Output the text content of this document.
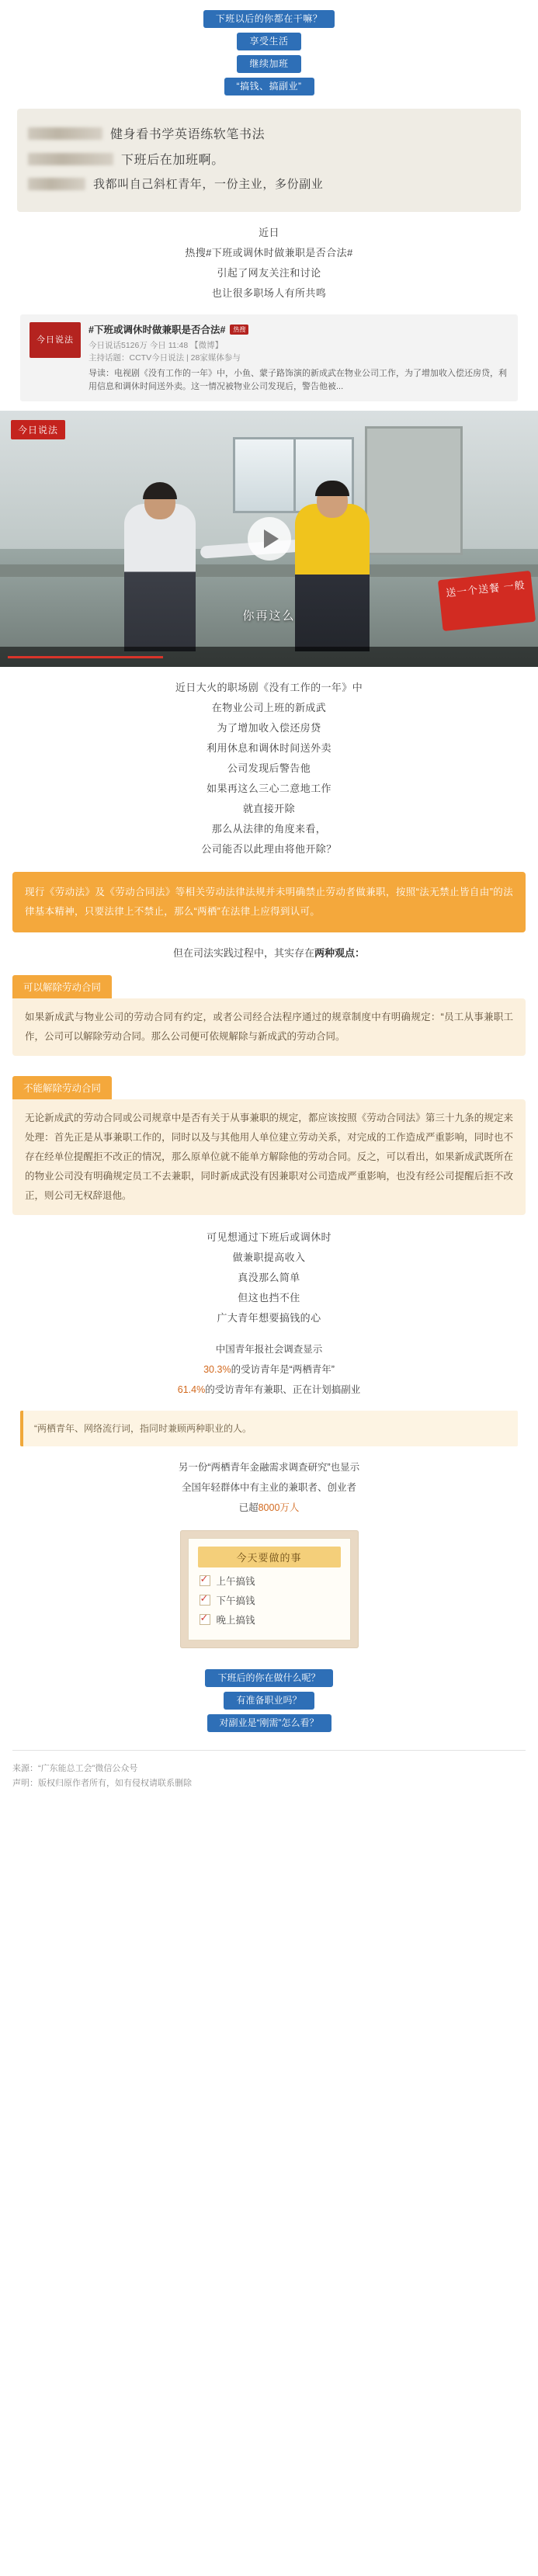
下班以后的你都在干嘛？
享受生活
继续加班
“搞钱、搞副业”
健身看书学英语练软笔书法
下班后在加班啊。
我都叫自己斜杠青年，一份主业，多份副业
近日
热搜#下班或调休时做兼职是否合法#
引起了网友关注和讨论
也让很多职场人有所共鸣
今日说法
#下班或调休时做兼职是否合法#	热搜
今日说话5126万 今日 11:48 【微博】
主持话题：CCTV今日说法 | 28家媒体参与
导读：电视剧《没有工作的一年》中，小鱼、蒙子路饰演的新成武在物业公司工作，为了增加收入偿还房贷，利用信息和调休时间送外卖。这一情况被物业公司发现后，警告他被...
今日说法
你再这么
送一个送餐 一般
近日大火的职场剧《没有工作的一年》中
在物业公司上班的新成武
为了增加收入偿还房贷
利用休息和调休时间送外卖
公司发现后警告他
如果再这么三心二意地工作
就直接开除
那么从法律的角度来看，
公司能否以此理由将他开除？
现行《劳动法》及《劳动合同法》等相关劳动法律法规并未明确禁止劳动者做兼职，按照“法无禁止皆自由”的法律基本精神，只要法律上不禁止，那么“两栖”在法律上应得到认可。
但在司法实践过程中，其实存在两种观点：
可以解除劳动合同
如果新成武与物业公司的劳动合同有约定，或者公司经合法程序通过的规章制度中有明确规定：“员工从事兼职工作，公司可以解除劳动合同。那么公司便可依规解除与新成武的劳动合同。
不能解除劳动合同
无论新成武的劳动合同或公司规章中是否有关于从事兼职的规定，都应该按照《劳动合同法》第三十九条的规定来处理：首先正是从事兼职工作的，同时以及与其他用人单位建立劳动关系，对完成的工作造成严重影响，同时也不存在经单位提醒拒不改正的情况，那么原单位就不能单方解除他的劳动合同。反之，可以看出，如果新成武既所在的物业公司没有明确规定员工不去兼职，同时新成武没有因兼职对公司造成严重影响，也没有经公司提醒后拒不改正，则公司无权辞退他。
可见想通过下班后或调休时
做兼职提高收入
真没那么简单
但这也挡不住
广大青年想要搞钱的心
中国青年报社会调查显示
30.3%的受访青年是“两栖青年”
61.4%的受访青年有兼职、正在计划搞副业
“两栖青年、网络流行词，指同时兼顾两种职业的人。
另一份“两栖青年金融需求调查研究”也显示
全国年轻群体中有主业的兼职者、创业者
已超8000万人
今天要做的事
✓
上午搞钱
✓
下午搞钱
✓
晚上搞钱
下班后的你在做什么呢？
有准备职业吗？
对副业是“刚需”怎么看？
来源：“广东能总工会”微信公众号
声明：版权归原作者所有，如有侵权请联系删除
